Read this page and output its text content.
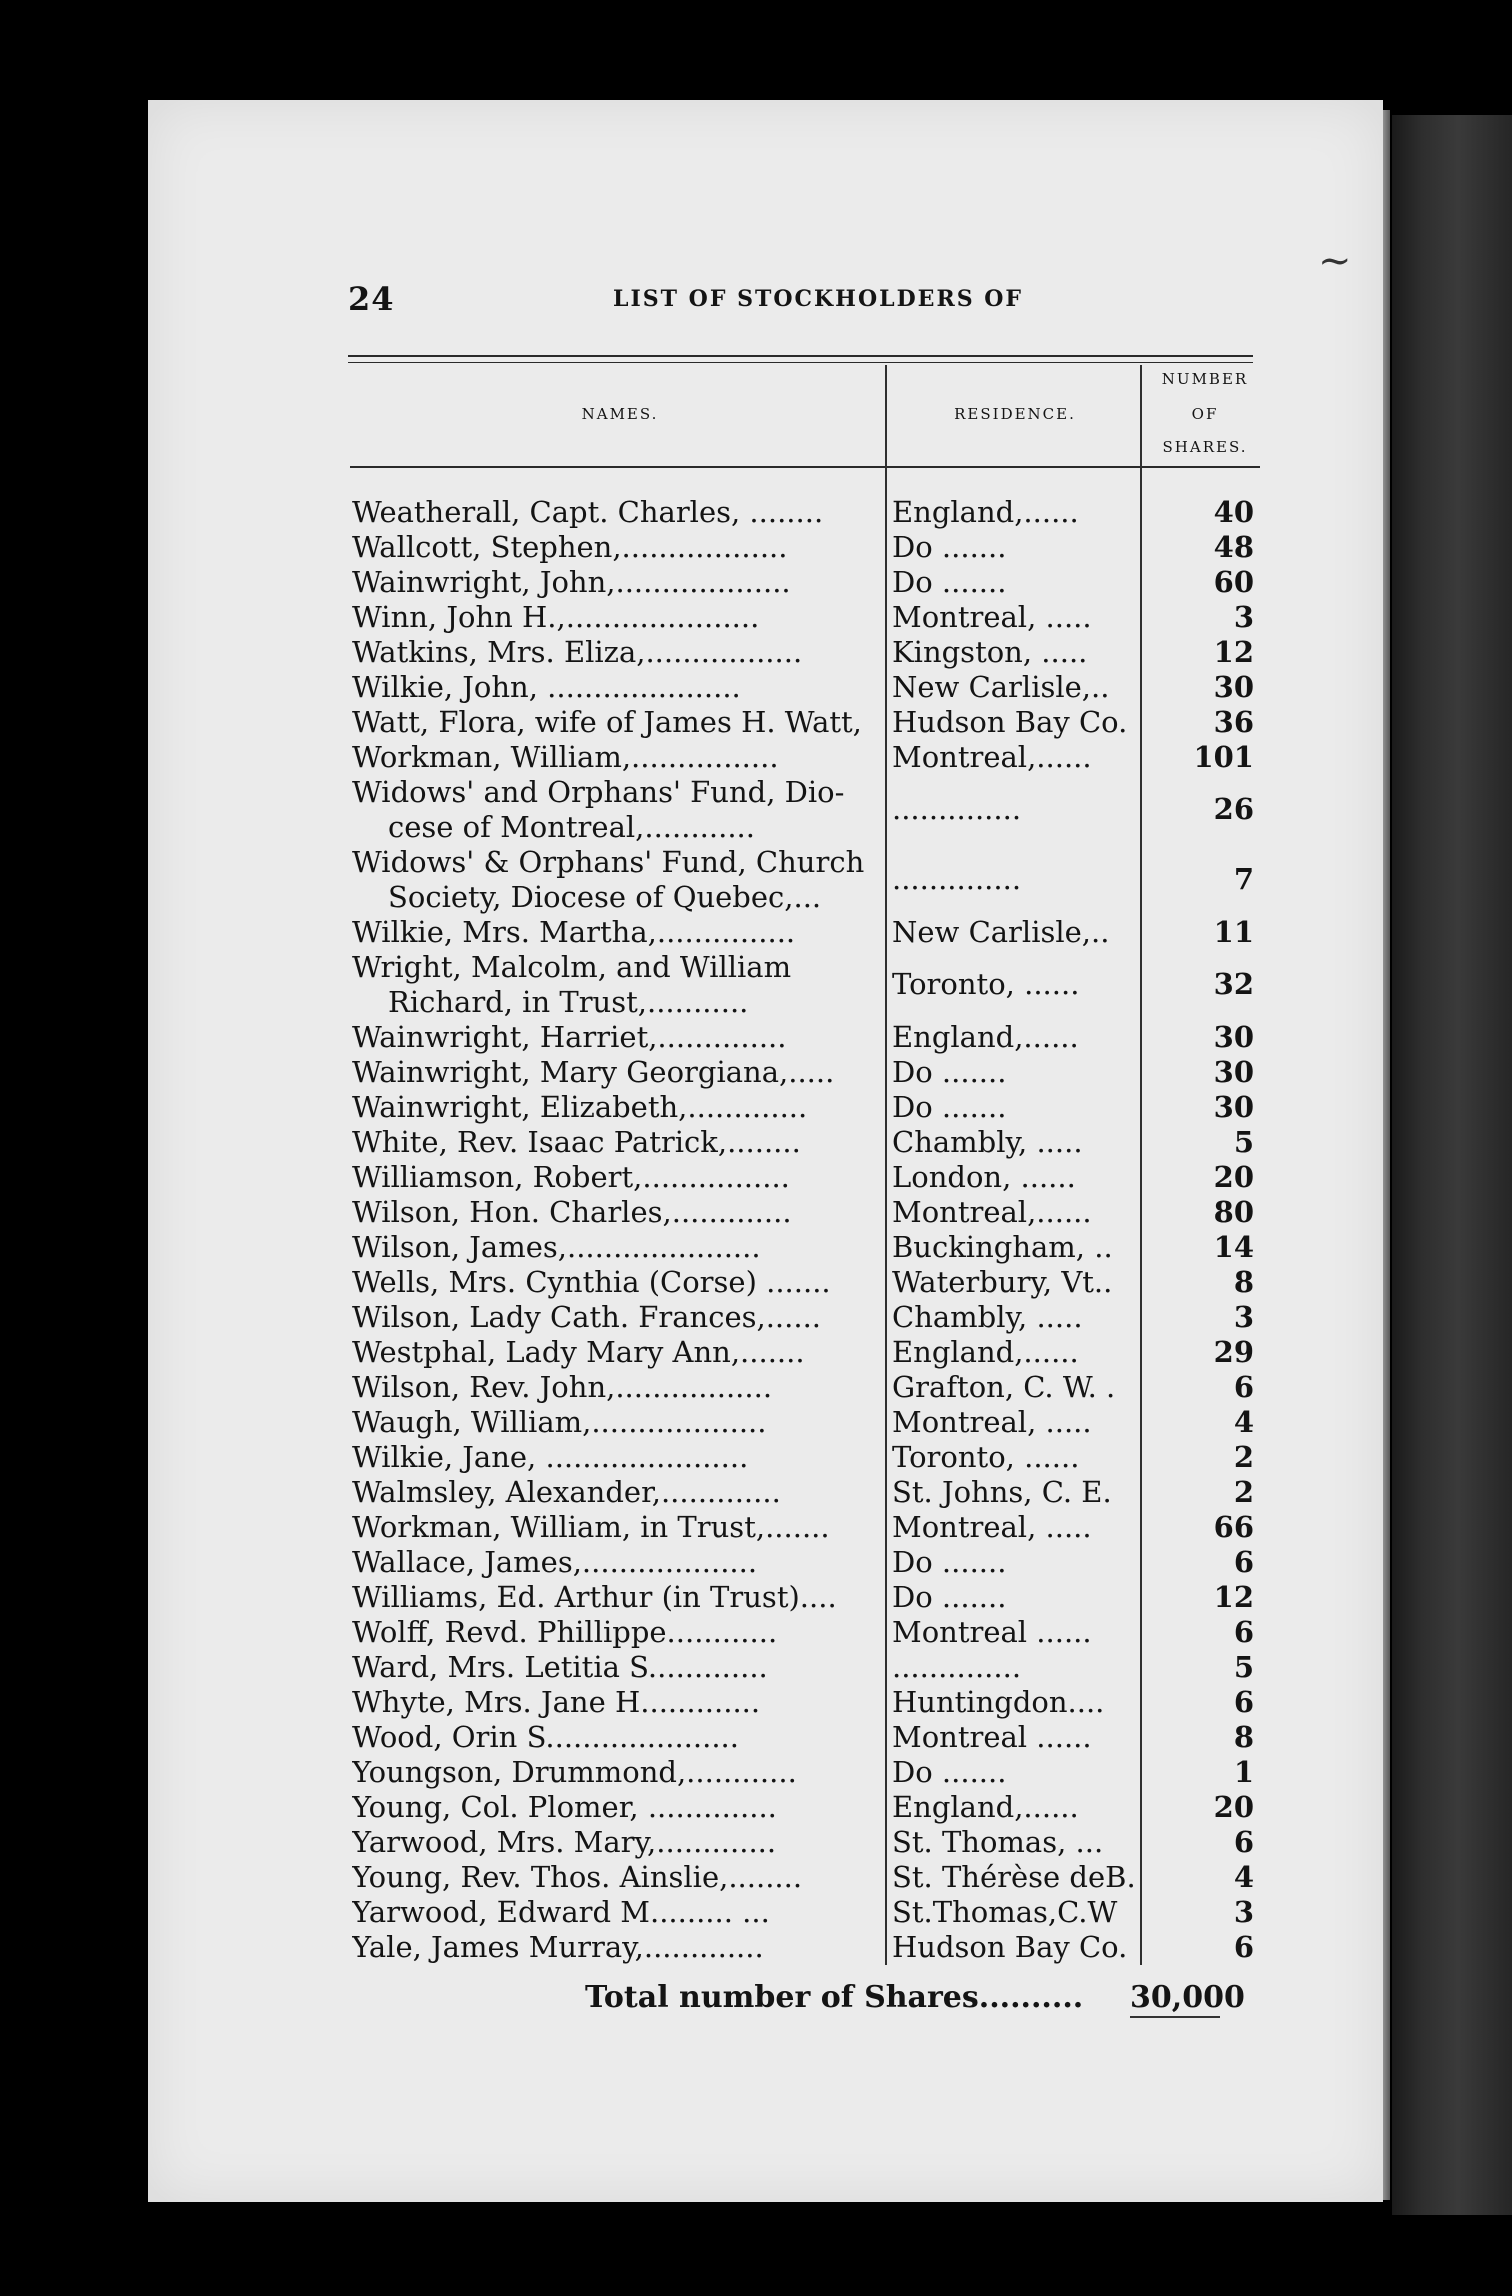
~
24	LIST OF STOCKHOLDERS OF
NAMES.	RESIDENCE.
NUMBER
OF
SHARES.
Weatherall, Capt. Charles, ........	England,......	40
Wallcott, Stephen,..................	Do .......	48
Wainwright, John,...................	Do .......	60
Winn, John H.,.....................	Montreal, .....	3
Watkins, Mrs. Eliza,.................	Kingston, .....	12
Wilkie, John, .....................	New Carlisle,..	30
Watt, Flora, wife of James H. Watt,	Hudson Bay Co.	36
Workman, William,................	Montreal,......	101
Widows' and Orphans' Fund, Dio-
cese of Montreal,............
..............	26
Widows' & Orphans' Fund, Church
Society, Diocese of Quebec,...
..............	7
Wilkie, Mrs. Martha,...............	New Carlisle,..	11
Wright, Malcolm, and William
Richard, in Trust,...........
Toronto, ......	32
Wainwright, Harriet,..............	England,......	30
Wainwright, Mary Georgiana,.....	Do .......	30
Wainwright, Elizabeth,.............	Do .......	30
White, Rev. Isaac Patrick,........	Chambly, .....	5
Williamson, Robert,................	London, ......	20
Wilson, Hon. Charles,.............	Montreal,......	80
Wilson, James,.....................	Buckingham, ..	14
Wells, Mrs. Cynthia (Corse) .......	Waterbury, Vt..	8
Wilson, Lady Cath. Frances,......	Chambly, .....	3
Westphal, Lady Mary Ann,.......	England,......	29
Wilson, Rev. John,.................	Grafton, C. W. .	6
Waugh, William,...................	Montreal, .....	4
Wilkie, Jane, ......................	Toronto, ......	2
Walmsley, Alexander,.............	St. Johns, C. E.	2
Workman, William, in Trust,.......	Montreal, .....	66
Wallace, James,...................	Do .......	6
Williams, Ed. Arthur (in Trust)....	Do .......	12
Wolff, Revd. Phillippe............	Montreal ......	6
Ward, Mrs. Letitia S.............	..............	5
Whyte, Mrs. Jane H.............	Huntingdon....	6
Wood, Orin S.....................	Montreal ......	8
Youngson, Drummond,............	Do .......	1
Young, Col. Plomer, ..............	England,......	20
Yarwood, Mrs. Mary,.............	St. Thomas, ...	6
Young, Rev. Thos. Ainslie,........	St. Thérèse deB.	4
Yarwood, Edward M......... ...	St.Thomas,C.W	3
Yale, James Murray,.............	Hudson Bay Co.	6
Total number of Shares.......... 30,000
